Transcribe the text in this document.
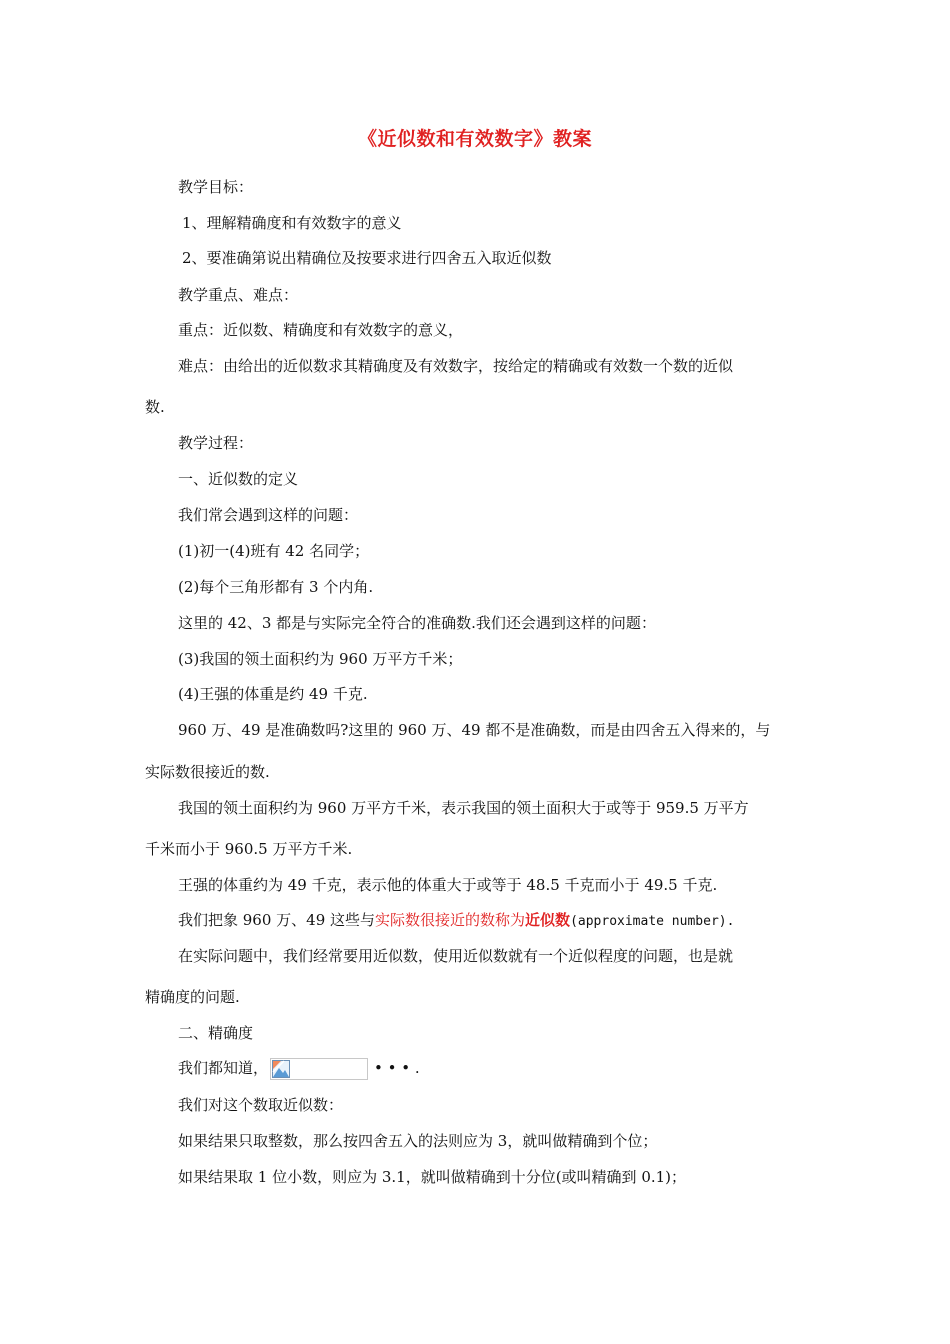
《近似数和有效数字》教案
教学目标：
1、理解精确度和有效数字的意义
2、要准确第说出精确位及按要求进行四舍五入取近似数
教学重点、难点：
重点：近似数、精确度和有效数字的意义，
难点：由给出的近似数求其精确度及有效数字，按给定的精确或有效数一个数的近似
数.
教学过程：
一、近似数的定义
我们常会遇到这样的问题：
(1)初一(4)班有 42 名同学；
(2)每个三角形都有 3 个内角.
这里的 42、3 都是与实际完全符合的准确数.我们还会遇到这样的问题：
(3)我国的领土面积约为 960 万平方千米；
(4)王强的体重是约 49 千克.
960 万、49 是准确数吗?这里的 960 万、49 都不是准确数，而是由四舍五入得来的，与
实际数很接近的数.
我国的领土面积约为 960 万平方千米，表示我国的领土面积大于或等于 959.5 万平方
千米而小于 960.5 万平方千米.
王强的体重约为 49 千克，表示他的体重大于或等于 48.5 千克而小于 49.5 千克.
我们把象 960 万、49 这些与实际数很接近的数称为近似数(approximate number).
在实际问题中，我们经常要用近似数，使用近似数就有一个近似程度的问题，也是就
精确度的问题.
二、精确度
我们都知道，	• • • .
我们对这个数取近似数：
如果结果只取整数，那么按四舍五入的法则应为 3，就叫做精确到个位；
如果结果取 1 位小数，则应为 3.1，就叫做精确到十分位(或叫精确到 0.1)；
